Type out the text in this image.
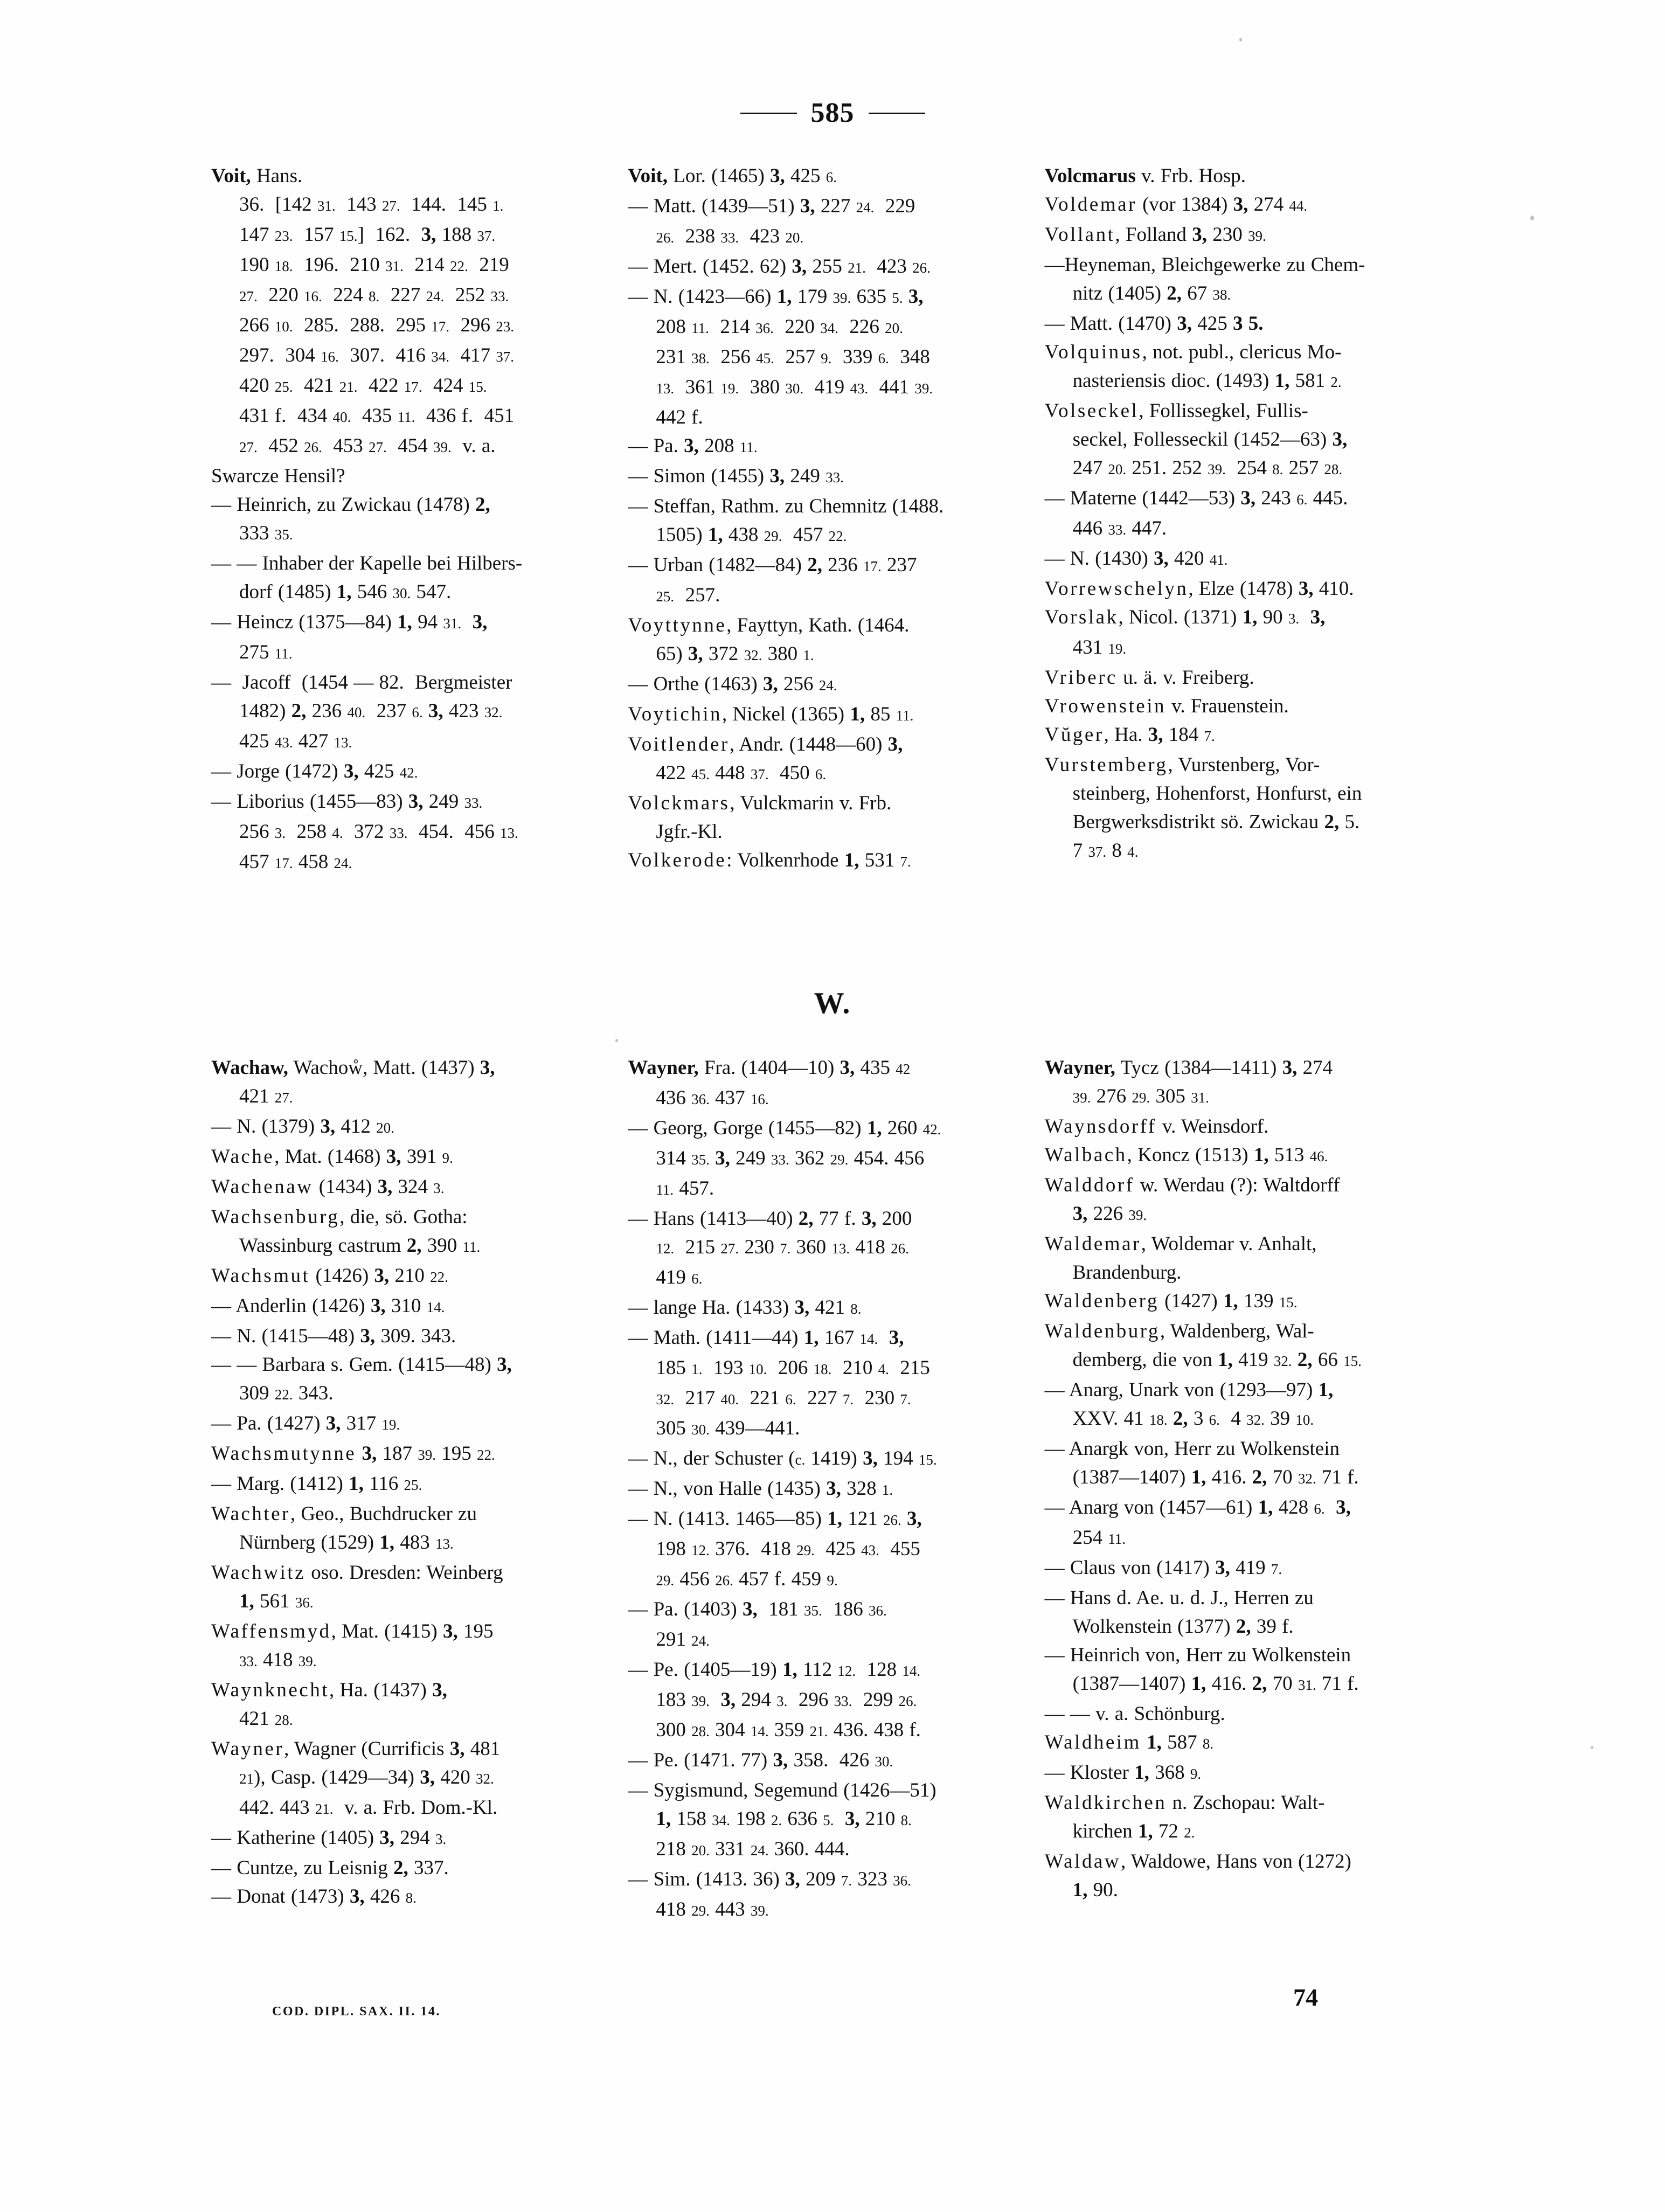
585
Voit, Hans.
36.  [142 31.  143 27.  144.  145 1.
147 23.  157 15.]  162.  3, 188 37.
190 18.  196.  210 31.  214 22.  219
27.  220 16.  224 8.  227 24.  252 33.
266 10.  285.  288.  295 17.  296 23.
297.  304 16.  307.  416 34.  417 37.
420 25.  421 21.  422 17.  424 15.
431 f.  434 40.  435 11.  436 f.  451
27.  452 26.  453 27.  454 39.  v. a.
Swarcze Hensil?
— Heinrich, zu Zwickau (1478) 2,
333 35.
— — Inhaber der Kapelle bei Hilbers-
dorf (1485) 1, 546 30. 547.
— Heincz (1375—84) 1, 94 31. 3,
275 11.
—  Jacoff  (1454 — 82.  Bergmeister
1482) 2, 236 40.  237 6. 3, 423 32.
425 43. 427 13.
— Jorge (1472) 3, 425 42.
— Liborius (1455—83) 3, 249 33.
256 3.  258 4.  372 33.  454.  456 13.
457 17. 458 24.
Voit, Lor. (1465) 3, 425 6.
— Matt. (1439—51) 3, 227 24.  229
26.  238 33.  423 20.
— Mert. (1452. 62) 3, 255 21.  423 26.
— N. (1423—66) 1, 179 39. 635 5. 3,
208 11.  214 36.  220 34.  226 20.
231 38.  256 45.  257 9.  339 6.  348
13.  361 19.  380 30.  419 43.  441 39.
442 f.
— Pa. 3, 208 11.
— Simon (1455) 3, 249 33.
— Steffan, Rathm. zu Chemnitz (1488.
1505) 1, 438 29.  457 22.
— Urban (1482—84) 2, 236 17. 237
25.  257.
Voyttynne, Fayttyn, Kath. (1464.
65) 3, 372 32. 380 1.
— Orthe (1463) 3, 256 24.
Voytichin, Nickel (1365) 1, 85 11.
Voitlender, Andr. (1448—60) 3,
422 45. 448 37.  450 6.
Volckmars, Vulckmarin v. Frb.
Jgfr.-Kl.
Volkerode: Volkenrhode 1, 531 7.
Volcmarus v. Frb. Hosp.
Voldemar (vor 1384) 3, 274 44.
Vollant, Folland 3, 230 39.
—Heyneman, Bleichgewerke zu Chem-
nitz (1405) 2, 67 38.
— Matt. (1470) 3, 425 3 5.
Volquinus, not. publ., clericus Mo-
nasteriensis dioc. (1493) 1, 581 2.
Volseckel, Follissegkel, Fullis-
seckel, Follesseckil (1452—63) 3,
247 20. 251. 252 39.  254 8. 257 28.
— Materne (1442—53) 3, 243 6. 445.
446 33. 447.
— N. (1430) 3, 420 41.
Vorrewschelyn, Elze (1478) 3, 410.
Vorslak, Nicol. (1371) 1, 90 3. 3,
431 19.
Vriberc u. ä. v. Freiberg.
Vrowenstein v. Frauenstein.
Vŭger, Ha. 3, 184 7.
Vurstemberg, Vurstenberg, Vor-
steinberg, Hohenforst, Honfurst, ein
Bergwerksdistrikt sö. Zwickau 2, 5.
7 37. 8 4.
W.
Wachaw, Wachoẘ, Matt. (1437) 3,
421 27.
— N. (1379) 3, 412 20.
Wache, Mat. (1468) 3, 391 9.
Wachenaw (1434) 3, 324 3.
Wachsenburg, die, sö. Gotha:
Wassinburg castrum 2, 390 11.
Wachsmut (1426) 3, 210 22.
— Anderlin (1426) 3, 310 14.
— N. (1415—48) 3, 309. 343.
— — Barbara s. Gem. (1415—48) 3,
309 22. 343.
— Pa. (1427) 3, 317 19.
Wachsmutynne 3, 187 39. 195 22.
— Marg. (1412) 1, 116 25.
Wachter, Geo., Buchdrucker zu
Nürnberg (1529) 1, 483 13.
Wachwitz oso. Dresden: Weinberg
1, 561 36.
Waffensmyd, Mat. (1415) 3, 195
33. 418 39.
Waynknecht, Ha. (1437) 3,
421 28.
Wayner, Wagner (Currificis 3, 481
21), Casp. (1429—34) 3, 420 32.
442. 443 21.  v. a. Frb. Dom.-Kl.
— Katherine (1405) 3, 294 3.
— Cuntze, zu Leisnig 2, 337.
— Donat (1473) 3, 426 8.
Wayner, Fra. (1404—10) 3, 435 42
436 36. 437 16.
— Georg, Gorge (1455—82) 1, 260 42.
314 35. 3, 249 33. 362 29. 454. 456
11. 457.
— Hans (1413—40) 2, 77 f. 3, 200
12.  215 27. 230 7. 360 13. 418 26.
419 6.
— lange Ha. (1433) 3, 421 8.
— Math. (1411—44) 1, 167 14. 3,
185 1.  193 10.  206 18.  210 4.  215
32.  217 40.  221 6.  227 7.  230 7.
305 30. 439—441.
— N., der Schuster (c. 1419) 3, 194 15.
— N., von Halle (1435) 3, 328 1.
— N. (1413. 1465—85) 1, 121 26. 3,
198 12. 376.  418 29.  425 43.  455
29. 456 26. 457 f. 459 9.
— Pa. (1403) 3,  181 35.  186 36.
291 24.
— Pe. (1405—19) 1, 112 12.  128 14.
183 39. 3, 294 3.  296 33.  299 26.
300 28. 304 14. 359 21. 436. 438 f.
— Pe. (1471. 77) 3, 358.  426 30.
— Sygismund, Segemund (1426—51)
1, 158 34. 198 2. 636 5. 3, 210 8.
218 20. 331 24. 360. 444.
— Sim. (1413. 36) 3, 209 7. 323 36.
418 29. 443 39.
Wayner, Tycz (1384—1411) 3, 274
39. 276 29. 305 31.
Waynsdorff v. Weinsdorf.
Walbach, Koncz (1513) 1, 513 46.
Walddorf w. Werdau (?): Waltdorff
3, 226 39.
Waldemar, Woldemar v. Anhalt,
Brandenburg.
Waldenberg (1427) 1, 139 15.
Waldenburg, Waldenberg, Wal-
demberg, die von 1, 419 32. 2, 66 15.
— Anarg, Unark von (1293—97) 1,
XXV. 41 18. 2, 3 6.  4 32. 39 10.
— Anargk von, Herr zu Wolkenstein
(1387—1407) 1, 416. 2, 70 32. 71 f.
— Anarg von (1457—61) 1, 428 6. 3,
254 11.
— Claus von (1417) 3, 419 7.
— Hans d. Ae. u. d. J., Herren zu
Wolkenstein (1377) 2, 39 f.
— Heinrich von, Herr zu Wolkenstein
(1387—1407) 1, 416. 2, 70 31. 71 f.
— — v. a. Schönburg.
Waldheim 1, 587 8.
— Kloster 1, 368 9.
Waldkirchen n. Zschopau: Walt-
kirchen 1, 72 2.
Waldaw, Waldowe, Hans von (1272)
1, 90.
COD. DIPL. SAX. II. 14.
74
